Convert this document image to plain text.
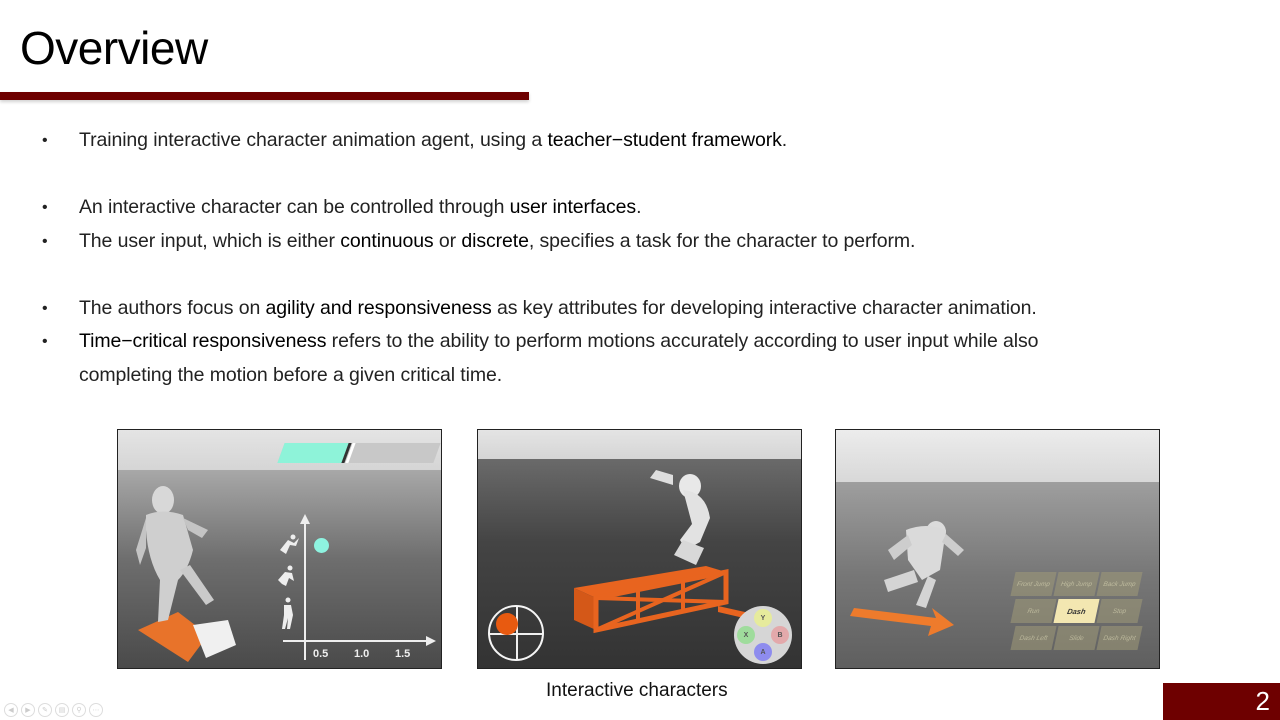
Overview
• Training interactive character animation agent, using a teacher−student framework.
• An interactive character can be controlled through user interfaces.
• The user input, which is either continuous or discrete, specifies a task for the character to perform.
• The authors focus on agility and responsiveness as key attributes for developing interactive character animation.
• Time−critical responsiveness refers to the ability to perform motions accurately according to user input while also
completing the motion before a given critical time.
0.5 1.0 1.5
Y
X	B
A
Front Jump	High Jump	Back Jump
Run	Dash	Stop
Dash Left	Slide	Dash Right
Interactive characters
◀	▶	✎	▤	⚲	⋯	2
